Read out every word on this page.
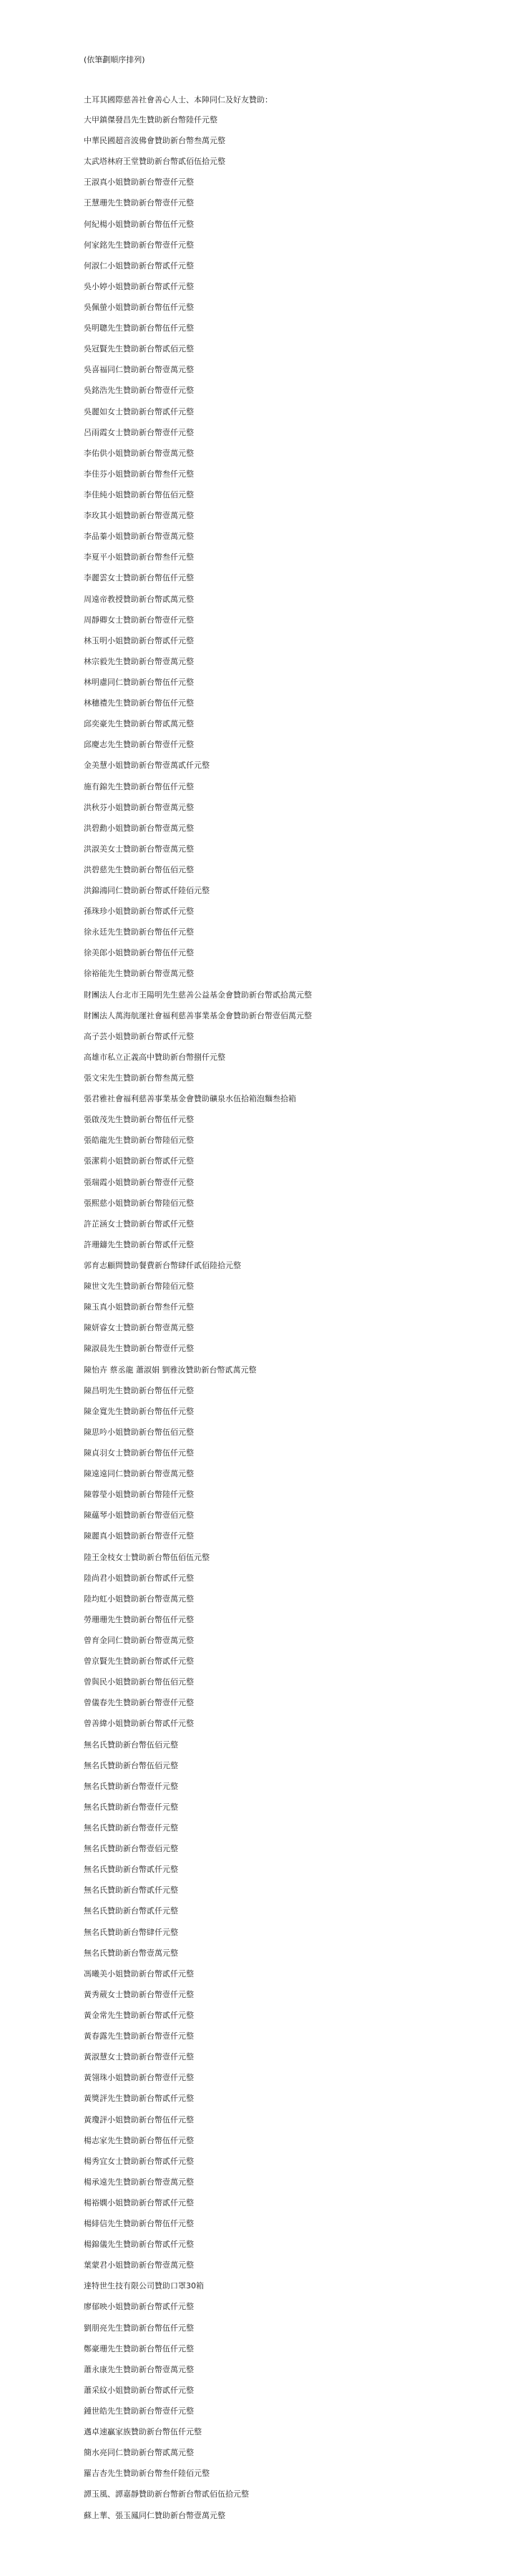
(依筆劃順序排列)
土耳其國際慈善社會善心人士、本陣同仁及好友贊助：
大甲鎮傑發昌先生贊助新台幣陸仟元整
中華民國超音波佛會贊助新台幣叁萬元整
太武塔林府王堂贊助新台幣貳佰伍拾元整
王淑真小姐贊助新台幣壹仟元整
王慧珊先生贊助新台幣壹仟元整
何紀楊小姐贊助新台幣伍仟元整
何家銘先生贊助新台幣壹仟元整
何淑仁小姐贊助新台幣貳仟元整
吳小婷小姐贊助新台幣貳仟元整
吳佩螢小姐贊助新台幣伍仟元整
吳明聰先生贊助新台幣伍仟元整
吳冠賢先生贊助新台幣貳佰元整
吳喜福同仁贊助新台幣壹萬元整
吳銘浩先生贊助新台幣壹仟元整
吳麗如女士贊助新台幣貳仟元整
呂雨霞女士贊助新台幣壹仟元整
李佑供小姐贊助新台幣壹萬元整
李佳芬小姐贊助新台幣叁仟元整
李佳純小姐贊助新台幣伍佰元整
李玫其小姐贊助新台幣壹萬元整
李品蓁小姐贊助新台幣壹萬元整
李夏平小姐贊助新台幣叁仟元整
李麗雲女士贊助新台幣伍仟元整
周遠帝教授贊助新台幣貳萬元整
周靜卿女士贊助新台幣壹仟元整
林玉明小姐贊助新台幣貳仟元整
林宗毅先生贊助新台幣壹萬元整
林明慮同仁贊助新台幣伍仟元整
林穗禮先生贊助新台幣伍仟元整
邱奕豪先生贊助新台幣貳萬元整
邱慶志先生贊助新台幣壹仟元整
金美慧小姐贊助新台幣壹萬貳仟元整
施有錦先生贊助新台幣伍仟元整
洪秋芬小姐贊助新台幣壹萬元整
洪碧勳小姐贊助新台幣壹萬元整
洪淑美女士贊助新台幣壹萬元整
洪碧慈先生贊助新台幣伍佰元整
洪錦鴻同仁贊助新台幣貳仟陸佰元整
孫珠珍小姐贊助新台幣貳仟元整
徐永廷先生贊助新台幣伍仟元整
徐美郎小姐贊助新台幣伍仟元整
徐裕能先生贊助新台幣壹萬元整
財團法人台北市王陽明先生慈善公益基金會贊助新台幣貳拾萬元整
財團法人萬海航運社會福利慈善事業基金會贊助新台幣壹佰萬元整
高子芸小姐贊助新台幣貳仟元整
高雄市私立正義高中贊助新台幣捌仟元整
張文宋先生贊助新台幣叁萬元整
張君雅社會福利慈善事業基金會贊助礦泉水伍拾箱泡麵叁拾箱
張啟茂先生贊助新台幣伍仟元整
張皓龍先生贊助新台幣陸佰元整
張潔莉小姐贊助新台幣貳仟元整
張瑞霞小姐贊助新台幣壹仟元整
張熙慈小姐贊助新台幣陸佰元整
許芷涵女士贊助新台幣貳仟元整
許珊鑄先生贊助新台幣貳仟元整
郭育志顧問贊助餐費新台幣肆仟貳佰陸拾元整
陳世文先生贊助新台幣陸佰元整
陳玉真小姐贊助新台幣叁仟元整
陳妍睿女士贊助新台幣壹萬元整
陳淑晨先生贊助新台幣壹仟元整
陳怡卉 蔡丞龍 蕭淑娟 劉雅汝贊助新台幣貳萬元整
陳昌明先生贊助新台幣伍仟元整
陳金寬先生贊助新台幣伍仟元整
陳思吟小姐贊助新台幣伍佰元整
陳貞羽女士贊助新台幣伍仟元整
陳遠遠同仁贊助新台幣壹萬元整
陳蓉瑩小姐贊助新台幣陸仟元整
陳蘊琴小姐贊助新台幣壹佰元整
陳麗真小姐贊助新台幣壹仟元整
陸王金枝女士贊助新台幣伍佰伍元整
陸尚君小姐贊助新台幣貳仟元整
陸均虹小姐贊助新台幣壹萬元整
勞珊珊先生贊助新台幣伍仟元整
曾育金同仁贊助新台幣壹萬元整
曾京賢先生贊助新台幣貳仟元整
曾與民小姐贊助新台幣伍佰元整
曾儀春先生贊助新台幣壹仟元整
曾善緯小姐贊助新台幣貳仟元整
無名氏贊助新台幣伍佰元整
無名氏贊助新台幣伍佰元整
無名氏贊助新台幣壹仟元整
無名氏贊助新台幣壹仟元整
無名氏贊助新台幣壹仟元整
無名氏贊助新台幣壹佰元整
無名氏贊助新台幣貳仟元整
無名氏贊助新台幣貳仟元整
無名氏贊助新台幣貳仟元整
無名氏贊助新台幣肆仟元整
無名氏贊助新台幣壹萬元整
馮曦美小姐贊助新台幣貳仟元整
黃秀葳女士贊助新台幣壹仟元整
黃金常先生贊助新台幣貳仟元整
黃春露先生贊助新台幣壹仟元整
黃淑慧女士贊助新台幣壹仟元整
黃翎珠小姐贊助新台幣壹仟元整
黃獎評先生贊助新台幣貳仟元整
黃瓊評小姐贊助新台幣伍仟元整
楊志家先生贊助新台幣伍仟元整
楊秀宜女士贊助新台幣貳仟元整
楊承遠先生贊助新台幣壹萬元整
楊裕嫻小姐贊助新台幣貳仟元整
楊緋信先生贊助新台幣伍仟元整
楊錦儀先生贊助新台幣貳仟元整
葉蒙君小姐贊助新台幣壹萬元整
達特世生技有限公司贊助口罩30箱
廖郁映小姐贊助新台幣貳仟元整
劉朋亮先生贊助新台幣伍仟元整
鄭豪珊先生贊助新台幣伍仟元整
蕭永康先生贊助新台幣壹萬元整
蕭采紋小姐贊助新台幣貳仟元整
鍾世皓先生贊助新台幣壹仟元整
邁卓速贏家族贊助新台幣伍仟元整
簡水亮同仁贊助新台幣貳萬元整
羅吉杏先生贊助新台幣叁仟陸佰元整
譚玉風、譚嘉靜贊助新台幣新台幣貳佰伍拾元整
蘇上華、張玉鳳同仁贊助新台幣壹萬元整
